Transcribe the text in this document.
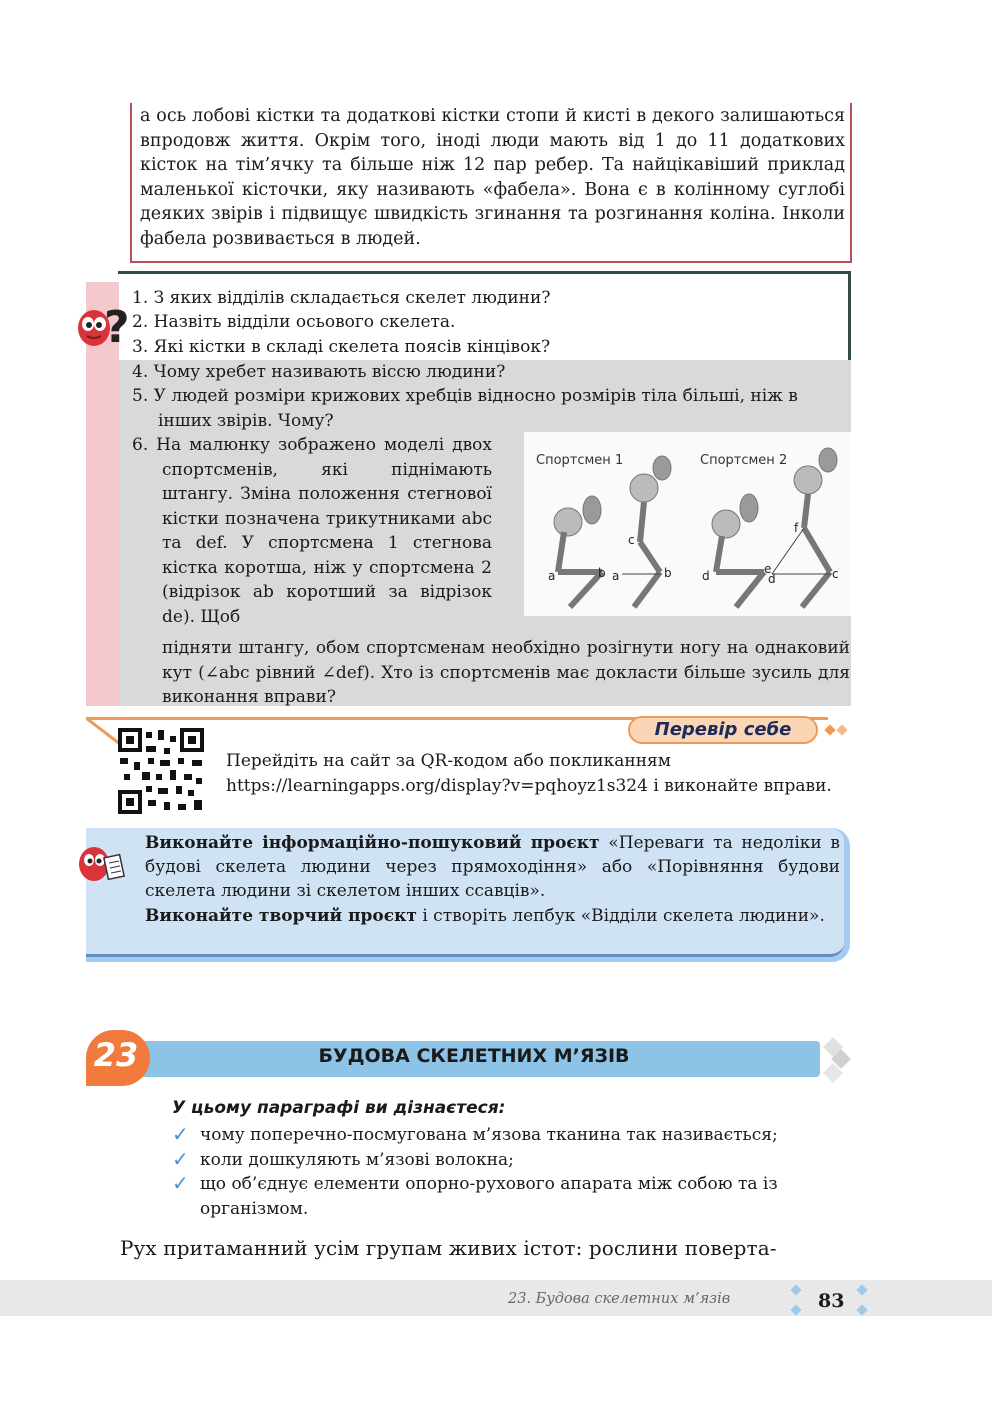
а ось лобові кістки та додаткові кістки стопи й кисті в декого залишаються впродовж життя. Окрім того, іноді люди мають від 1 до 11 додаткових кісток на тім’ячку та більше ніж 12 пар ребер. Та найцікавіший приклад маленької кісточки, яку називають «фабела». Вона є в колінному суглобі деяких звірів і підвищує швидкість згинання та розгинання коліна. Інколи фабела розвивається в людей.

?

1. З яких відділів складається скелет людини?

2. Назвіть відділи осьового скелета.

3. Які кістки в складі скелета поясів кінцівок?

4. Чому хребет називають віссю людини?

5. У людей розміри крижових хребців відносно розмірів тіла більші, ніж в інших звірів. Чому?

6. На малюнку зображено моделі двох спортсменів, які піднімають штангу. Зміна положення стегнової кістки позначена трикутниками abc та def. У спортсмена 1 стегнова кістка коротша, ніж у спортсмена 2 (відрізок ab коротший за відрізок de). Щоб

підняти штангу, обом спортсменам необхідно розігнути ногу на однаковий кут (∠abc рівний ∠def). Хто із спортсменів має докласти більше зусиль для виконання вправи?

Спортсмен 1	Спортсмен 2
a	b a
c
b	d	e
d
f
c
Перевір себе

Перейдіть на сайт за QR-кодом або покликанням https://learningapps.org/display?v=pqhoyz1s324 і виконайте вправи.

Виконайте інформаційно-пошуковий проєкт «Переваги та недоліки в будові скелета людини через прямоходіння» або «Порівняння будови скелета людини зі скелетом інших ссавців».

Виконайте творчий проєкт і створіть лепбук «Відділи скелета людини».

23	БУДОВА СКЕЛЕТНИХ М’ЯЗІВ
У цьому параграфі ви дізнаєтеся:
✓ чому поперечно-посмугована м’язова тканина так називається;

✓ коли дошкуляють м’язові волокна;

✓ що об’єднує елементи опорно-рухового апарата між собою та із організмом.

Рух притаманний усім групам живих істот: рослини поверта-

23. Будова скелетних м’язів	83
